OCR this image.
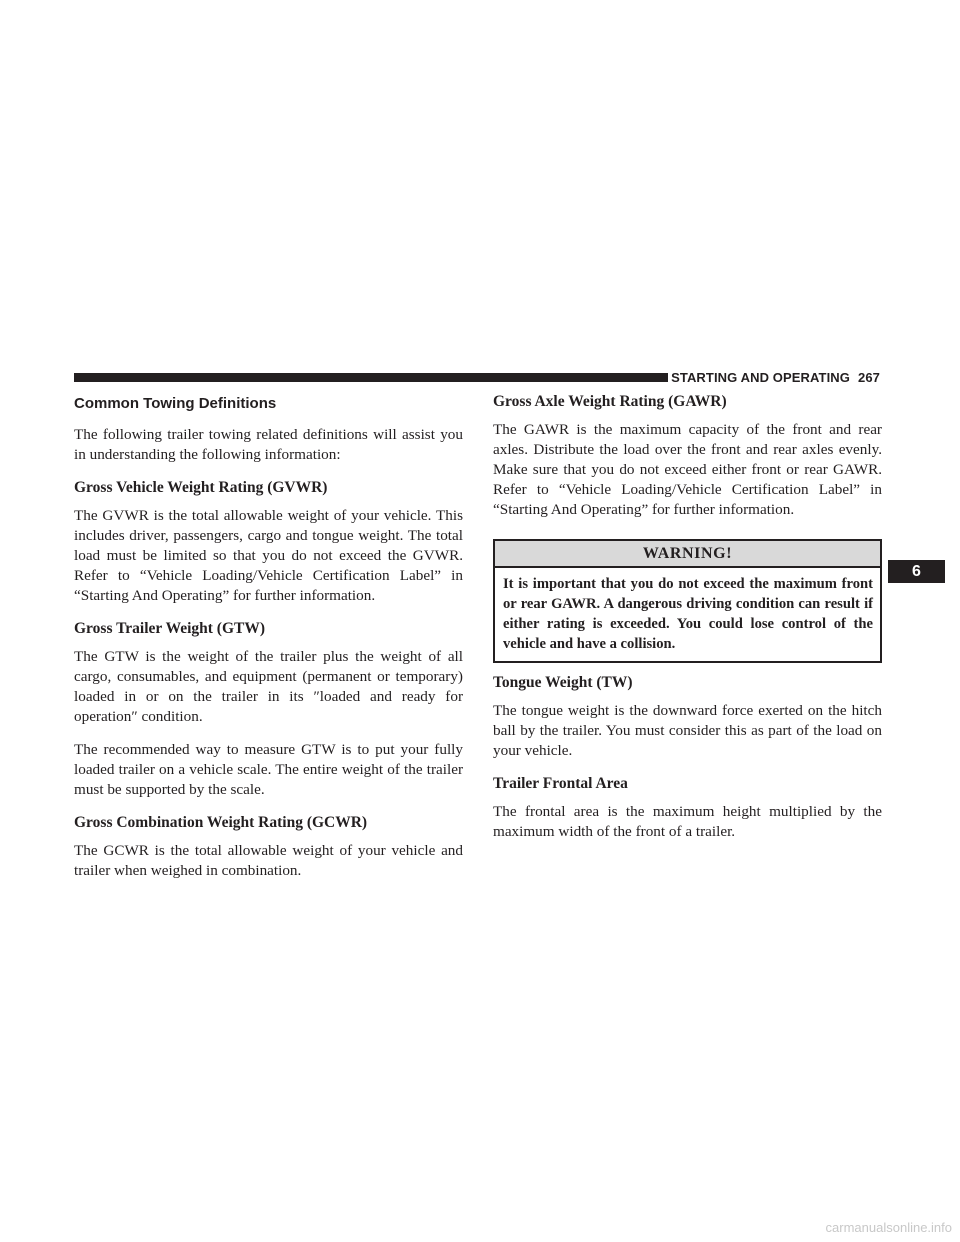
STARTING AND OPERATING 267
Common Towing Definitions

The following trailer towing related definitions will assist you in understanding the following information:

Gross Vehicle Weight Rating (GVWR)

The GVWR is the total allowable weight of your vehicle. This includes driver, passengers, cargo and tongue weight. The total load must be limited so that you do not exceed the GVWR. Refer to “Vehicle Loading/Vehicle Certification Label” in “Starting And Operating” for further information.

Gross Trailer Weight (GTW)

The GTW is the weight of the trailer plus the weight of all cargo, consumables, and equipment (permanent or temporary) loaded in or on the trailer in its ″loaded and ready for operation″ condition.

The recommended way to measure GTW is to put your fully loaded trailer on a vehicle scale. The entire weight of the trailer must be supported by the scale.

Gross Combination Weight Rating (GCWR)

The GCWR is the total allowable weight of your vehicle and trailer when weighed in combination.

Gross Axle Weight Rating (GAWR)

The GAWR is the maximum capacity of the front and rear axles. Distribute the load over the front and rear axles evenly. Make sure that you do not exceed either front or rear GAWR. Refer to “Vehicle Loading/Vehicle Certification Label” in “Starting And Operating” for further information.

WARNING!
It is important that you do not exceed the maximum front or rear GAWR. A dangerous driving condition can result if either rating is exceeded. You could lose control of the vehicle and have a collision.
Tongue Weight (TW)

The tongue weight is the downward force exerted on the hitch ball by the trailer. You must consider this as part of the load on your vehicle.

Trailer Frontal Area

The frontal area is the maximum height multiplied by the maximum width of the front of a trailer.

6
carmanualsonline.info
